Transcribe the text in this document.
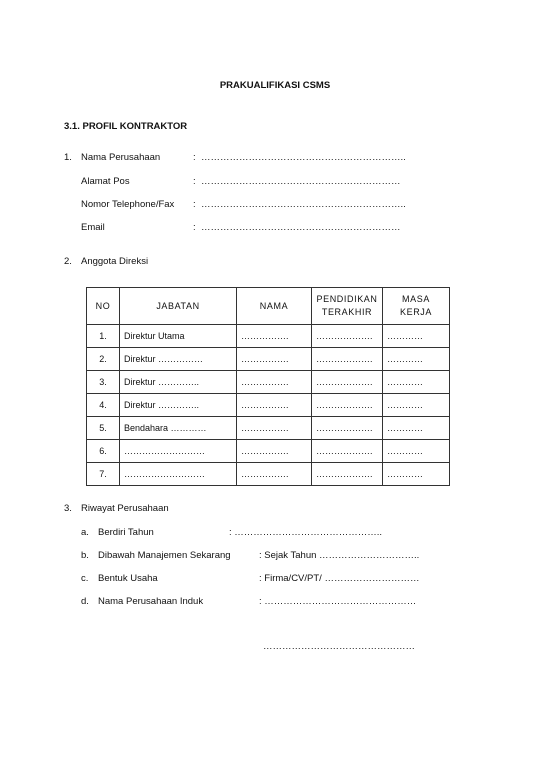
PRAKUALIFIKASI CSMS
3.1. PROFIL KONTRAKTOR
1. Nama Perusahaan	: ………………………………………………………..
Alamat Pos	: ………………………………………………………
Nomor Telephone/Fax : ………………………………………………………..
Email	: ………………………………………………………
2. Anggota Direksi
NO	JABATAN	NAMA	PENDIDIKAN TERAKHIR	MASA KERJA
1.	Direktur Utama	…………….	……………….	…………
2.	Direktur ……………	…………….	……………….	…………
3.	Direktur …………..	…………….	……………….	…………
4.	Direktur …………..	…………….	……………….	…………
5.	Bendahara …………	…………….	……………….	…………
6.	………………………	…………….	……………….	…………
7.	………………………	…………….	……………….	…………
3. Riwayat Perusahaan
a. Berdiri Tahun	: ………………………………………..
b. Dibawah Manajemen Sekarang	: Sejak Tahun …………………………..
c. Bentuk Usaha	: Firma/CV/PT/ …………………………
d. Nama Perusahaan Induk	: …………………………………………
…………………………………………
